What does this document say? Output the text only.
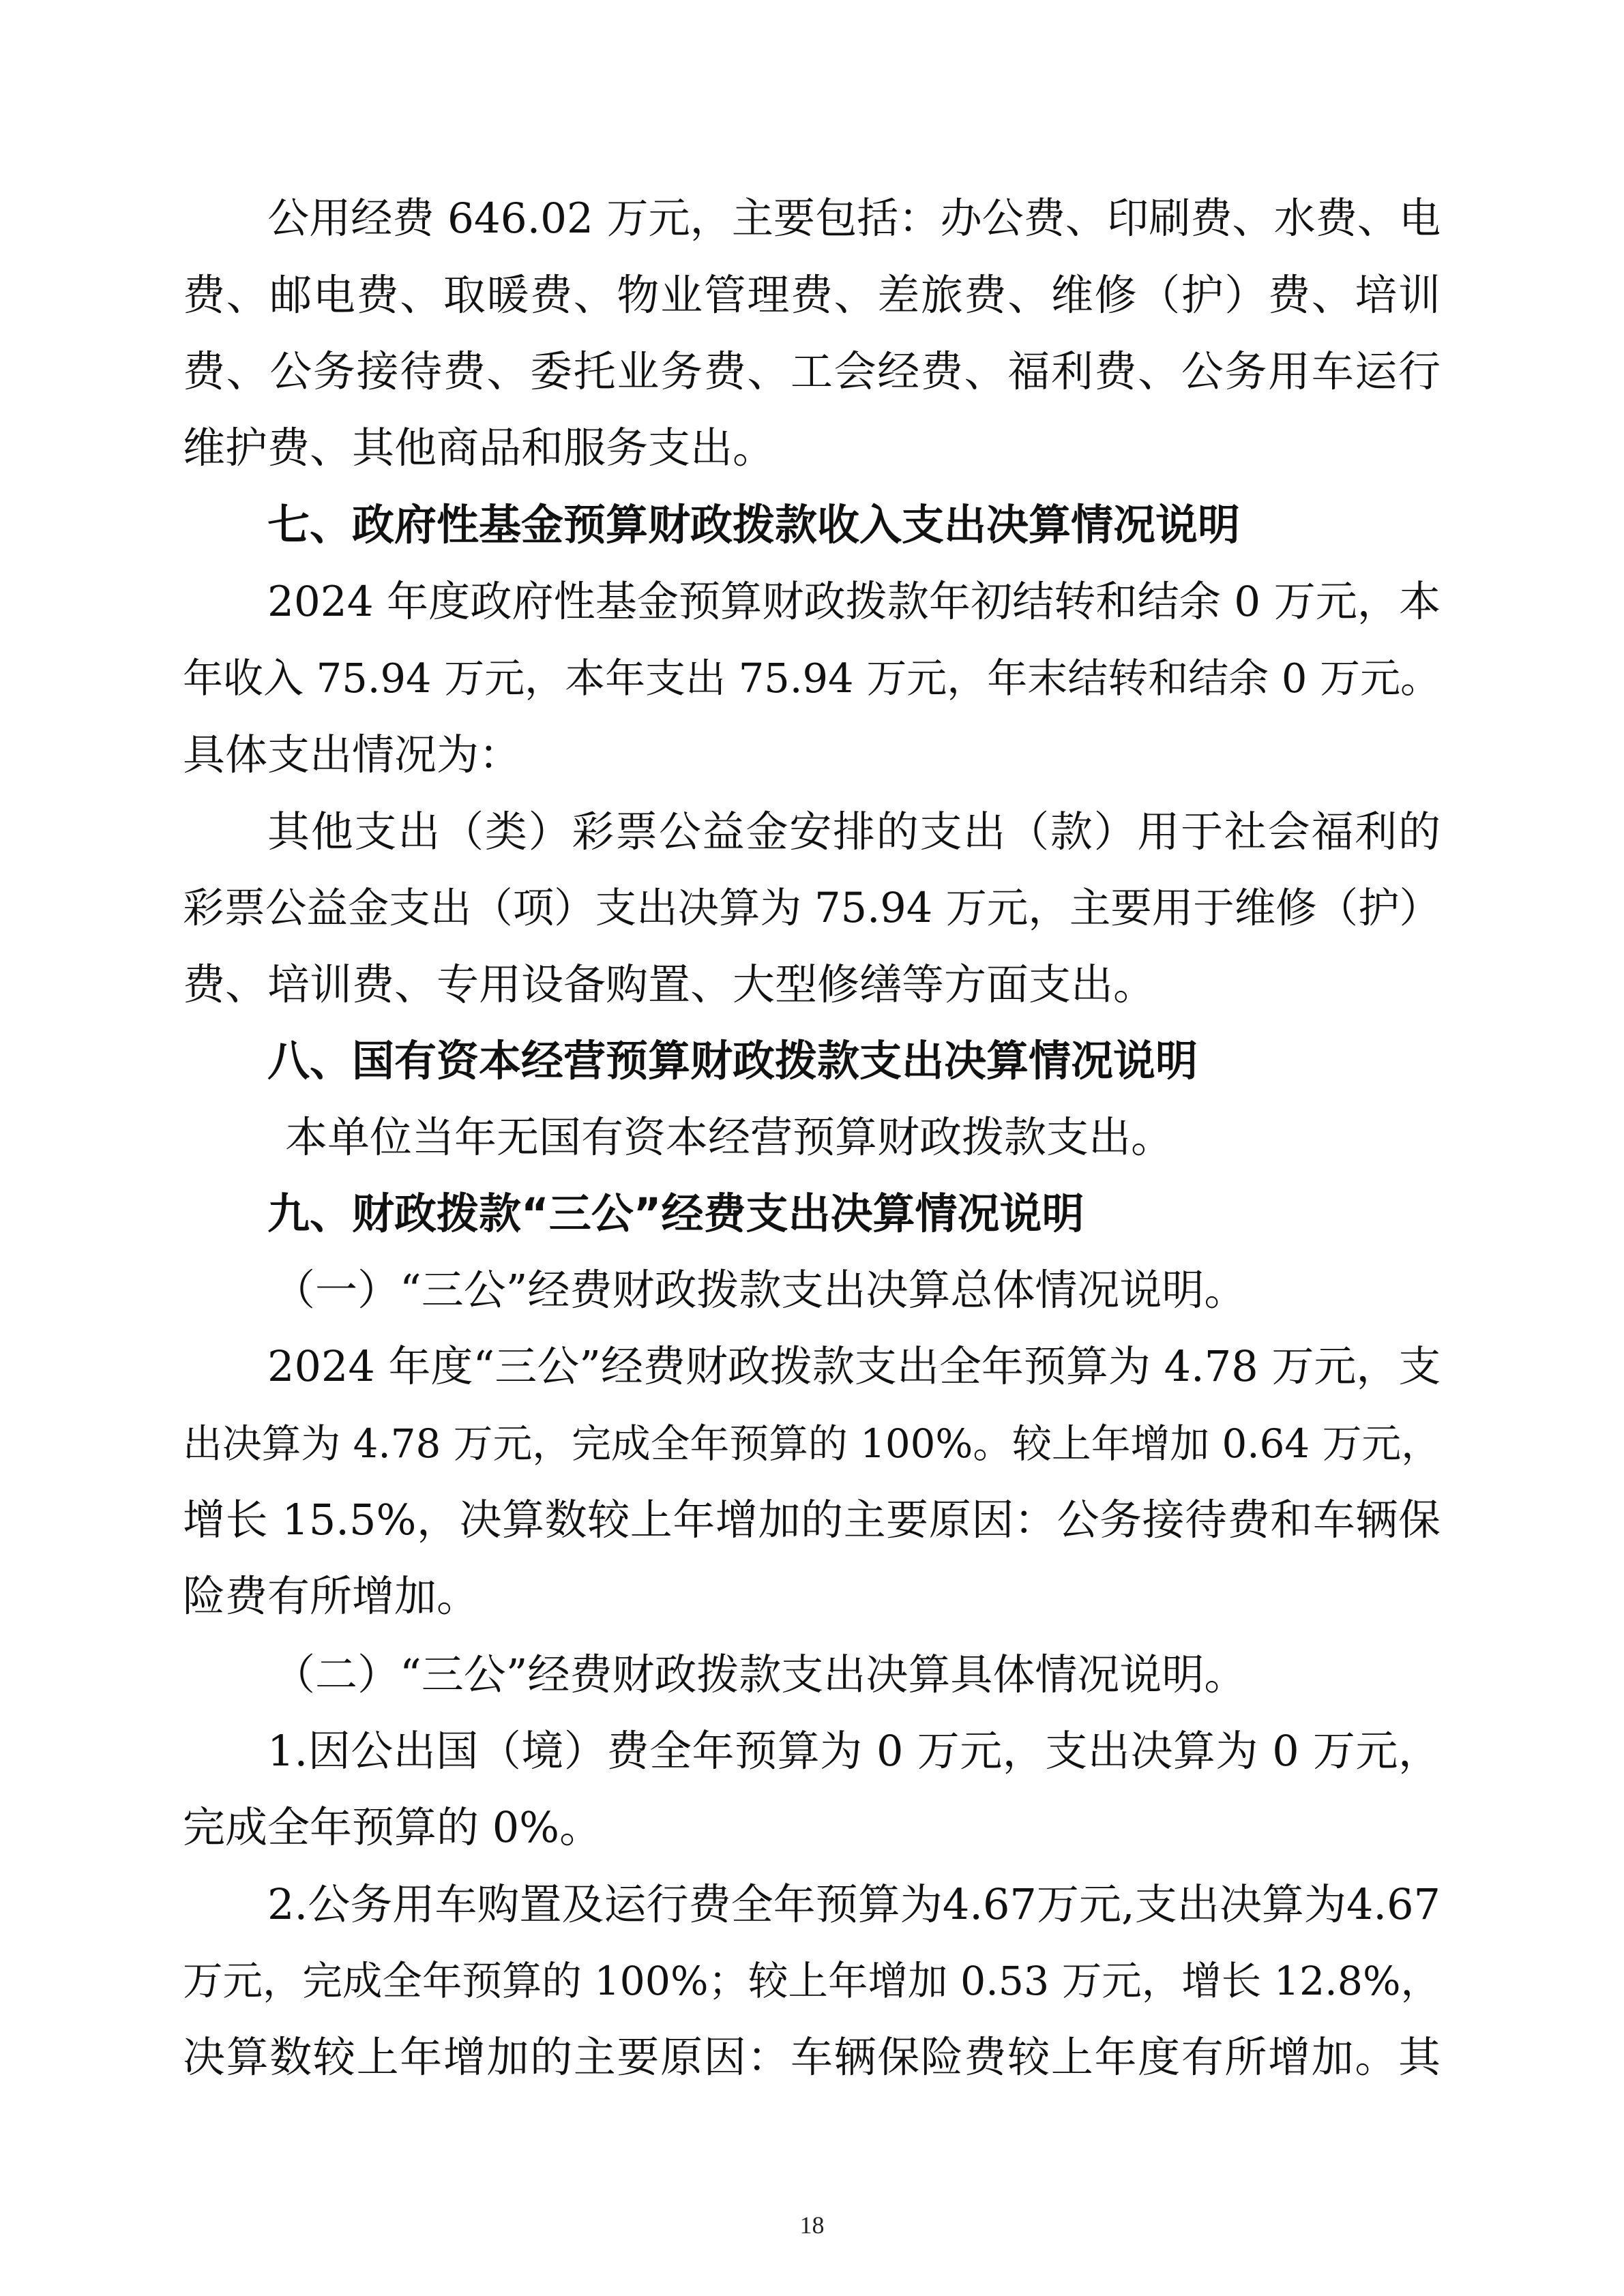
公用经费 646.02 万元，主要包括：办公费、印刷费、水费、电
费、邮电费、取暖费、物业管理费、差旅费、维修（护）费、培训
费、公务接待费、委托业务费、工会经费、福利费、公务用车运行
维护费、其他商品和服务支出。
七、政府性基金预算财政拨款收入支出决算情况说明
2024 年度政府性基金预算财政拨款年初结转和结余 0 万元，本
年收入 75.94 万元，本年支出 75.94 万元，年末结转和结余 0 万元。
具体支出情况为：
其他支出（类）彩票公益金安排的支出（款）用于社会福利的
彩票公益金支出（项）支出决算为 75.94 万元，主要用于维修（护）
费、培训费、专用设备购置、大型修缮等方面支出。
八、国有资本经营预算财政拨款支出决算情况说明
本单位当年无国有资本经营预算财政拨款支出。
九、财政拨款“三公”经费支出决算情况说明
（一）“三公”经费财政拨款支出决算总体情况说明。
2024 年度“三公”经费财政拨款支出全年预算为 4.78 万元，支
出决算为 4.78 万元，完成全年预算的 100%。较上年增加 0.64 万元，
增长 15.5%，决算数较上年增加的主要原因：公务接待费和车辆保
险费有所增加。
（二）“三公”经费财政拨款支出决算具体情况说明。
1.因公出国（境）费全年预算为 0 万元，支出决算为 0 万元，
完成全年预算的 0%。
2.公务用车购置及运行费全年预算为4.67万元,支出决算为4.67
万元，完成全年预算的 100%；较上年增加 0.53 万元，增长 12.8%，
决算数较上年增加的主要原因：车辆保险费较上年度有所增加。其
18
